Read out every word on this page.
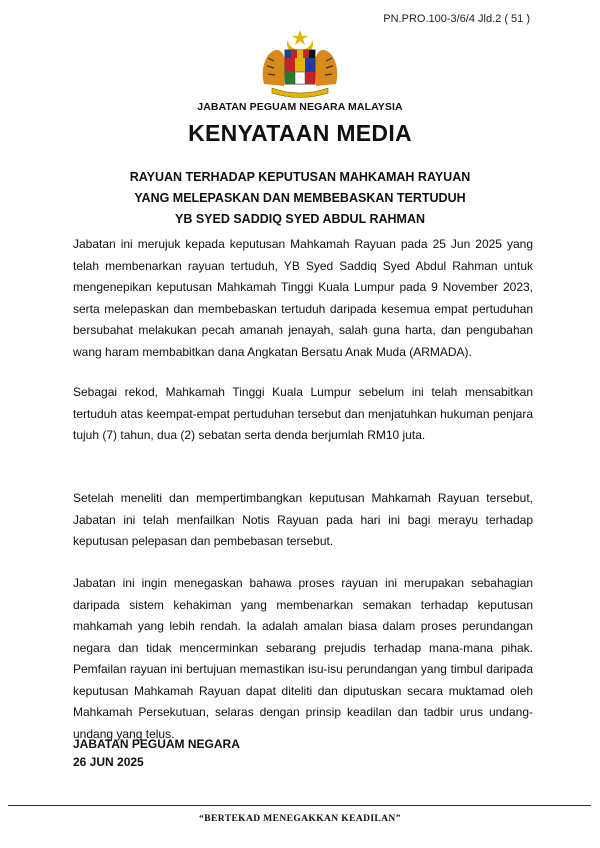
PN.PRO.100-3/6/4 Jld.2 ( 51 )
JABATAN PEGUAM NEGARA MALAYSIA
KENYATAAN MEDIA
RAYUAN TERHADAP KEPUTUSAN MAHKAMAH RAYUAN
YANG MELEPASKAN DAN MEMBEBASKAN TERTUDUH
YB SYED SADDIQ SYED ABDUL RAHMAN

Jabatan ini merujuk kepada keputusan Mahkamah Rayuan pada 25 Jun 2025 yang telah membenarkan rayuan tertuduh, YB Syed Saddiq Syed Abdul Rahman untuk mengenepikan keputusan Mahkamah Tinggi Kuala Lumpur pada 9 November 2023, serta melepaskan dan membebaskan tertuduh daripada kesemua empat pertuduhan bersubahat melakukan pecah amanah jenayah, salah guna harta, dan pengubahan wang haram membabitkan dana Angkatan Bersatu Anak Muda (ARMADA).

Sebagai rekod, Mahkamah Tinggi Kuala Lumpur sebelum ini telah mensabitkan tertuduh atas keempat-empat pertuduhan tersebut dan menjatuhkan hukuman penjara tujuh (7) tahun, dua (2) sebatan serta denda berjumlah RM10 juta.

Setelah meneliti dan mempertimbangkan keputusan Mahkamah Rayuan tersebut, Jabatan ini telah menfailkan Notis Rayuan pada hari ini bagi merayu terhadap keputusan pelepasan dan pembebasan tersebut.

Jabatan ini ingin menegaskan bahawa proses rayuan ini merupakan sebahagian daripada sistem kehakiman yang membenarkan semakan terhadap keputusan mahkamah yang lebih rendah. Ia adalah amalan biasa dalam proses perundangan negara dan tidak mencerminkan sebarang prejudis terhadap mana-mana pihak. Pemfailan rayuan ini bertujuan memastikan isu-isu perundangan yang timbul daripada keputusan Mahkamah Rayuan dapat diteliti dan diputuskan secara muktamad oleh Mahkamah Persekutuan, selaras dengan prinsip keadilan dan tadbir urus undang-undang yang telus.

JABATAN PEGUAM NEGARA
26 JUN 2025
“BERTEKAD MENEGAKKAN KEADILAN”
